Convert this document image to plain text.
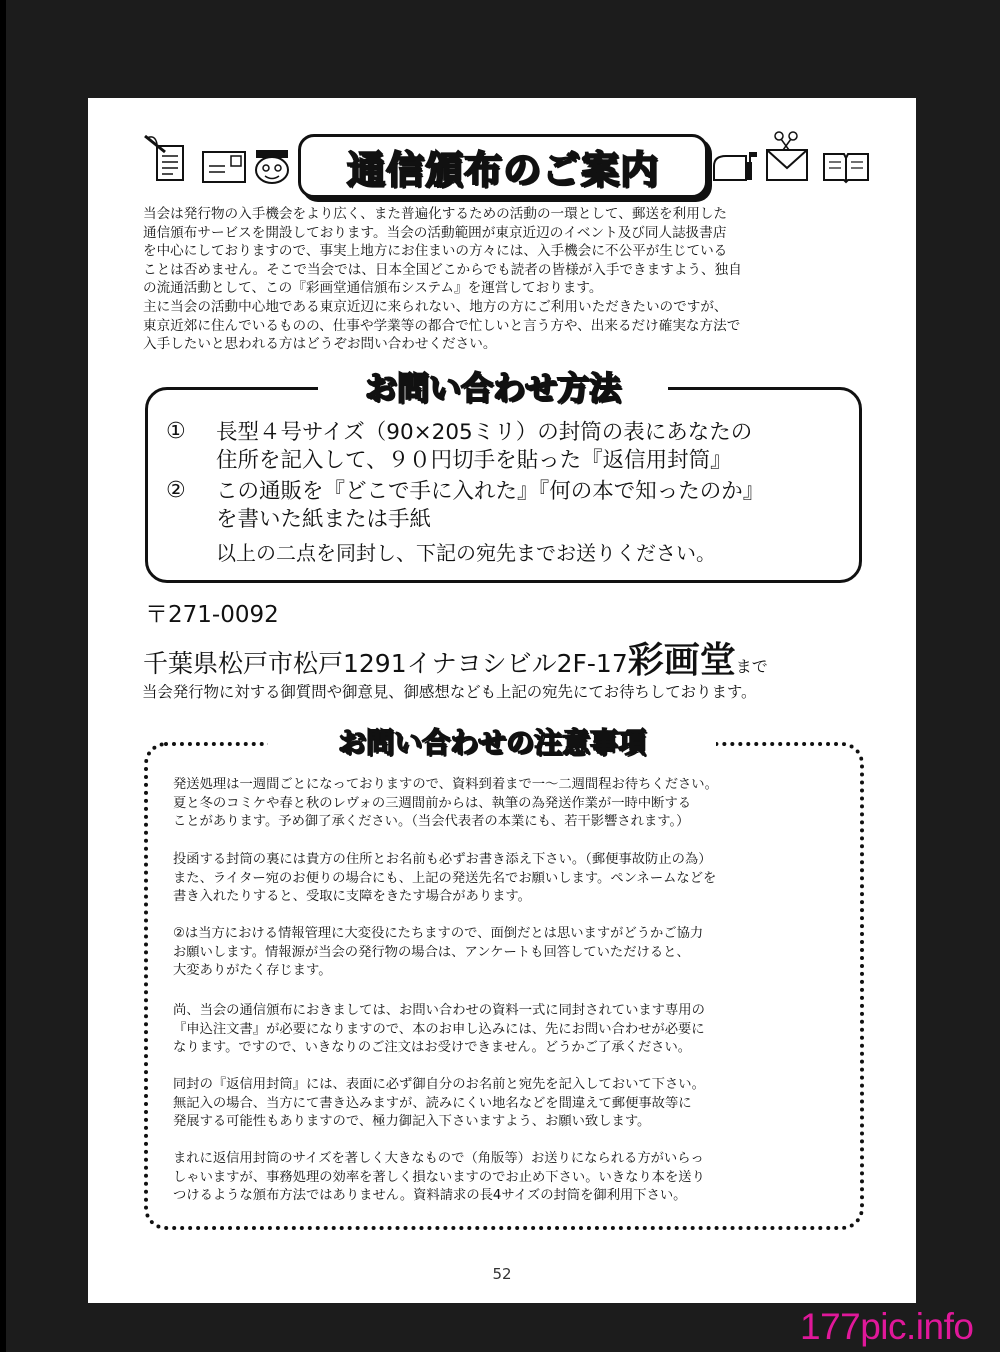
通信頒布のご案内
当会は発行物の入手機会をより広く、また普遍化するための活動の一環として、郵送を利用した
通信頒布サービスを開設しております。当会の活動範囲が東京近辺のイベント及び同人誌扱書店
を中心にしておりますので、事実上地方にお住まいの方々には、入手機会に不公平が生じている
ことは否めません。そこで当会では、日本全国どこからでも読者の皆様が入手できますよう、独自
の流通活動として、この『彩画堂通信頒布システム』を運営しております。
主に当会の活動中心地である東京近辺に来られない、地方の方にご利用いただきたいのですが、
東京近郊に住んでいるものの、仕事や学業等の都合で忙しいと言う方や、出来るだけ確実な方法で
入手したいと思われる方はどうぞお問い合わせください。
お問い合わせ方法
① 長型４号サイズ（90×205ミリ）の封筒の表にあなたの
住所を記入して、９０円切手を貼った『返信用封筒』
② この通販を『どこで手に入れた』『何の本で知ったのか』
を書いた紙または手紙
以上の二点を同封し、下記の宛先までお送りください。
〒271-0092
千葉県松戸市松戸1291イナヨシビル2F-17彩画堂まで
当会発行物に対する御質問や御意見、御感想なども上記の宛先にてお待ちしております。
お問い合わせの注意事項
発送処理は一週間ごとになっておりますので、資料到着まで一～二週間程お待ちください。
夏と冬のコミケや春と秋のレヴォの三週間前からは、執筆の為発送作業が一時中断する
ことがあります。予め御了承ください。（当会代表者の本業にも、若干影響されます。）
投函する封筒の裏には貴方の住所とお名前も必ずお書き添え下さい。（郵便事故防止の為）
また、ライター宛のお便りの場合にも、上記の発送先名でお願いします。ペンネームなどを
書き入れたりすると、受取に支障をきたす場合があります。
②は当方における情報管理に大変役にたちますので、面倒だとは思いますがどうかご協力
お願いします。情報源が当会の発行物の場合は、アンケートも回答していただけると、
大変ありがたく存じます。
尚、当会の通信頒布におきましては、お問い合わせの資料一式に同封されています専用の
『申込注文書』が必要になりますので、本のお申し込みには、先にお問い合わせが必要に
なります。ですので、いきなりのご注文はお受けできません。どうかご了承ください。
同封の『返信用封筒』には、表面に必ず御自分のお名前と宛先を記入しておいて下さい。
無記入の場合、当方にて書き込みますが、読みにくい地名などを間違えて郵便事故等に
発展する可能性もありますので、極力御記入下さいますよう、お願い致します。
まれに返信用封筒のサイズを著しく大きなもので（角版等）お送りになられる方がいらっ
しゃいますが、事務処理の効率を著しく損ないますのでお止め下さい。いきなり本を送り
つけるような頒布方法ではありません。資料請求の長4サイズの封筒を御利用下さい。
52
177pic.info
